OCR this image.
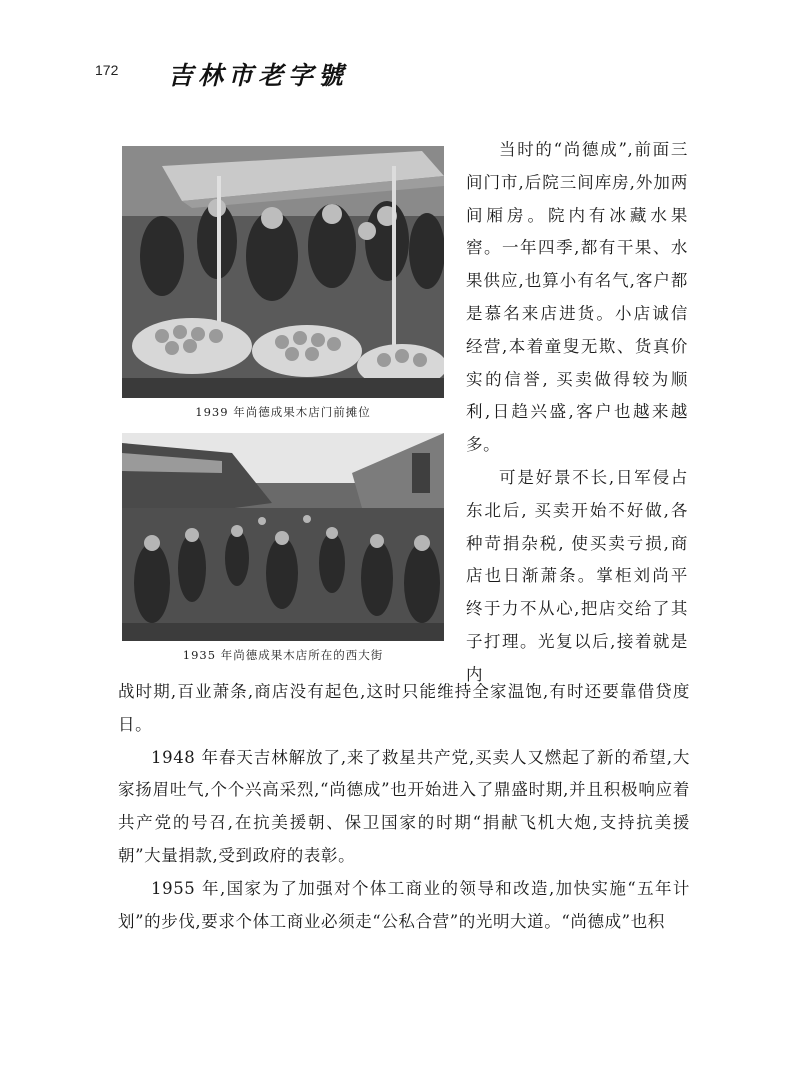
172 吉林市老字號
1939 年尚德成果木店门前摊位
1935 年尚德成果木店所在的西大街

当时的“尚德成”,前面三间门市,后院三间库房,外加两间厢房。院内有冰藏水果窖。一年四季,都有干果、水果供应,也算小有名气,客户都是慕名来店进货。小店诚信经营,本着童叟无欺、货真价实的信誉, 买卖做得较为顺利,日趋兴盛,客户也越来越多。

可是好景不长,日军侵占东北后, 买卖开始不好做,各种苛捐杂税, 使买卖亏损,商店也日渐萧条。掌柜刘尚平终于力不从心,把店交给了其子打理。光复以后,接着就是内

战时期,百业萧条,商店没有起色,这时只能维持全家温饱,有时还要靠借贷度日。

1948 年春天吉林解放了,来了救星共产党,买卖人又燃起了新的希望,大家扬眉吐气,个个兴高采烈,“尚德成”也开始进入了鼎盛时期,并且积极响应着共产党的号召,在抗美援朝、保卫国家的时期“捐献飞机大炮,支持抗美援朝”大量捐款,受到政府的表彰。

1955 年,国家为了加强对个体工商业的领导和改造,加快实施“五年计划”的步伐,要求个体工商业必须走“公私合营”的光明大道。“尚德成”也积
